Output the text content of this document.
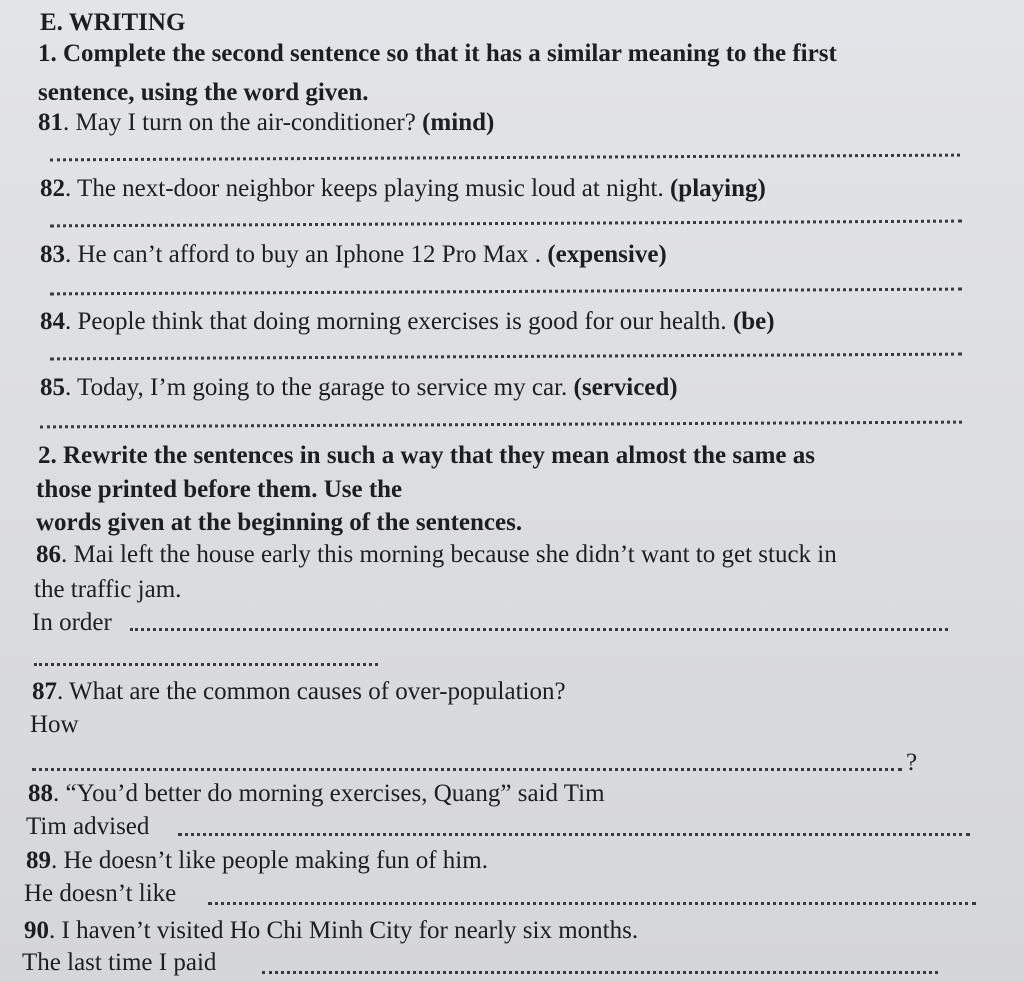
E. WRITING
1. Complete the second sentence so that it has a similar meaning to the first
sentence, using the word given.
81. May I turn on the air-conditioner? (mind)
82. The next-door neighbor keeps playing music loud at night. (playing)
83. He can’t afford to buy an Iphone 12 Pro Max . (expensive)
84. People think that doing morning exercises is good for our health. (be)
85. Today, I’m going to the garage to service my car. (serviced)
2. Rewrite the sentences in such a way that they mean almost the same as
those printed before them. Use the
words given at the beginning of the sentences.
86. Mai left the house early this morning because she didn’t want to get stuck in
the traffic jam.
In order
87. What are the common causes of over-population?
How
?
88. “You’d better do morning exercises, Quang” said Tim
Tim advised
89. He doesn’t like people making fun of him.
He doesn’t like
90. I haven’t visited Ho Chi Minh City for nearly six months.
The last time I paid
